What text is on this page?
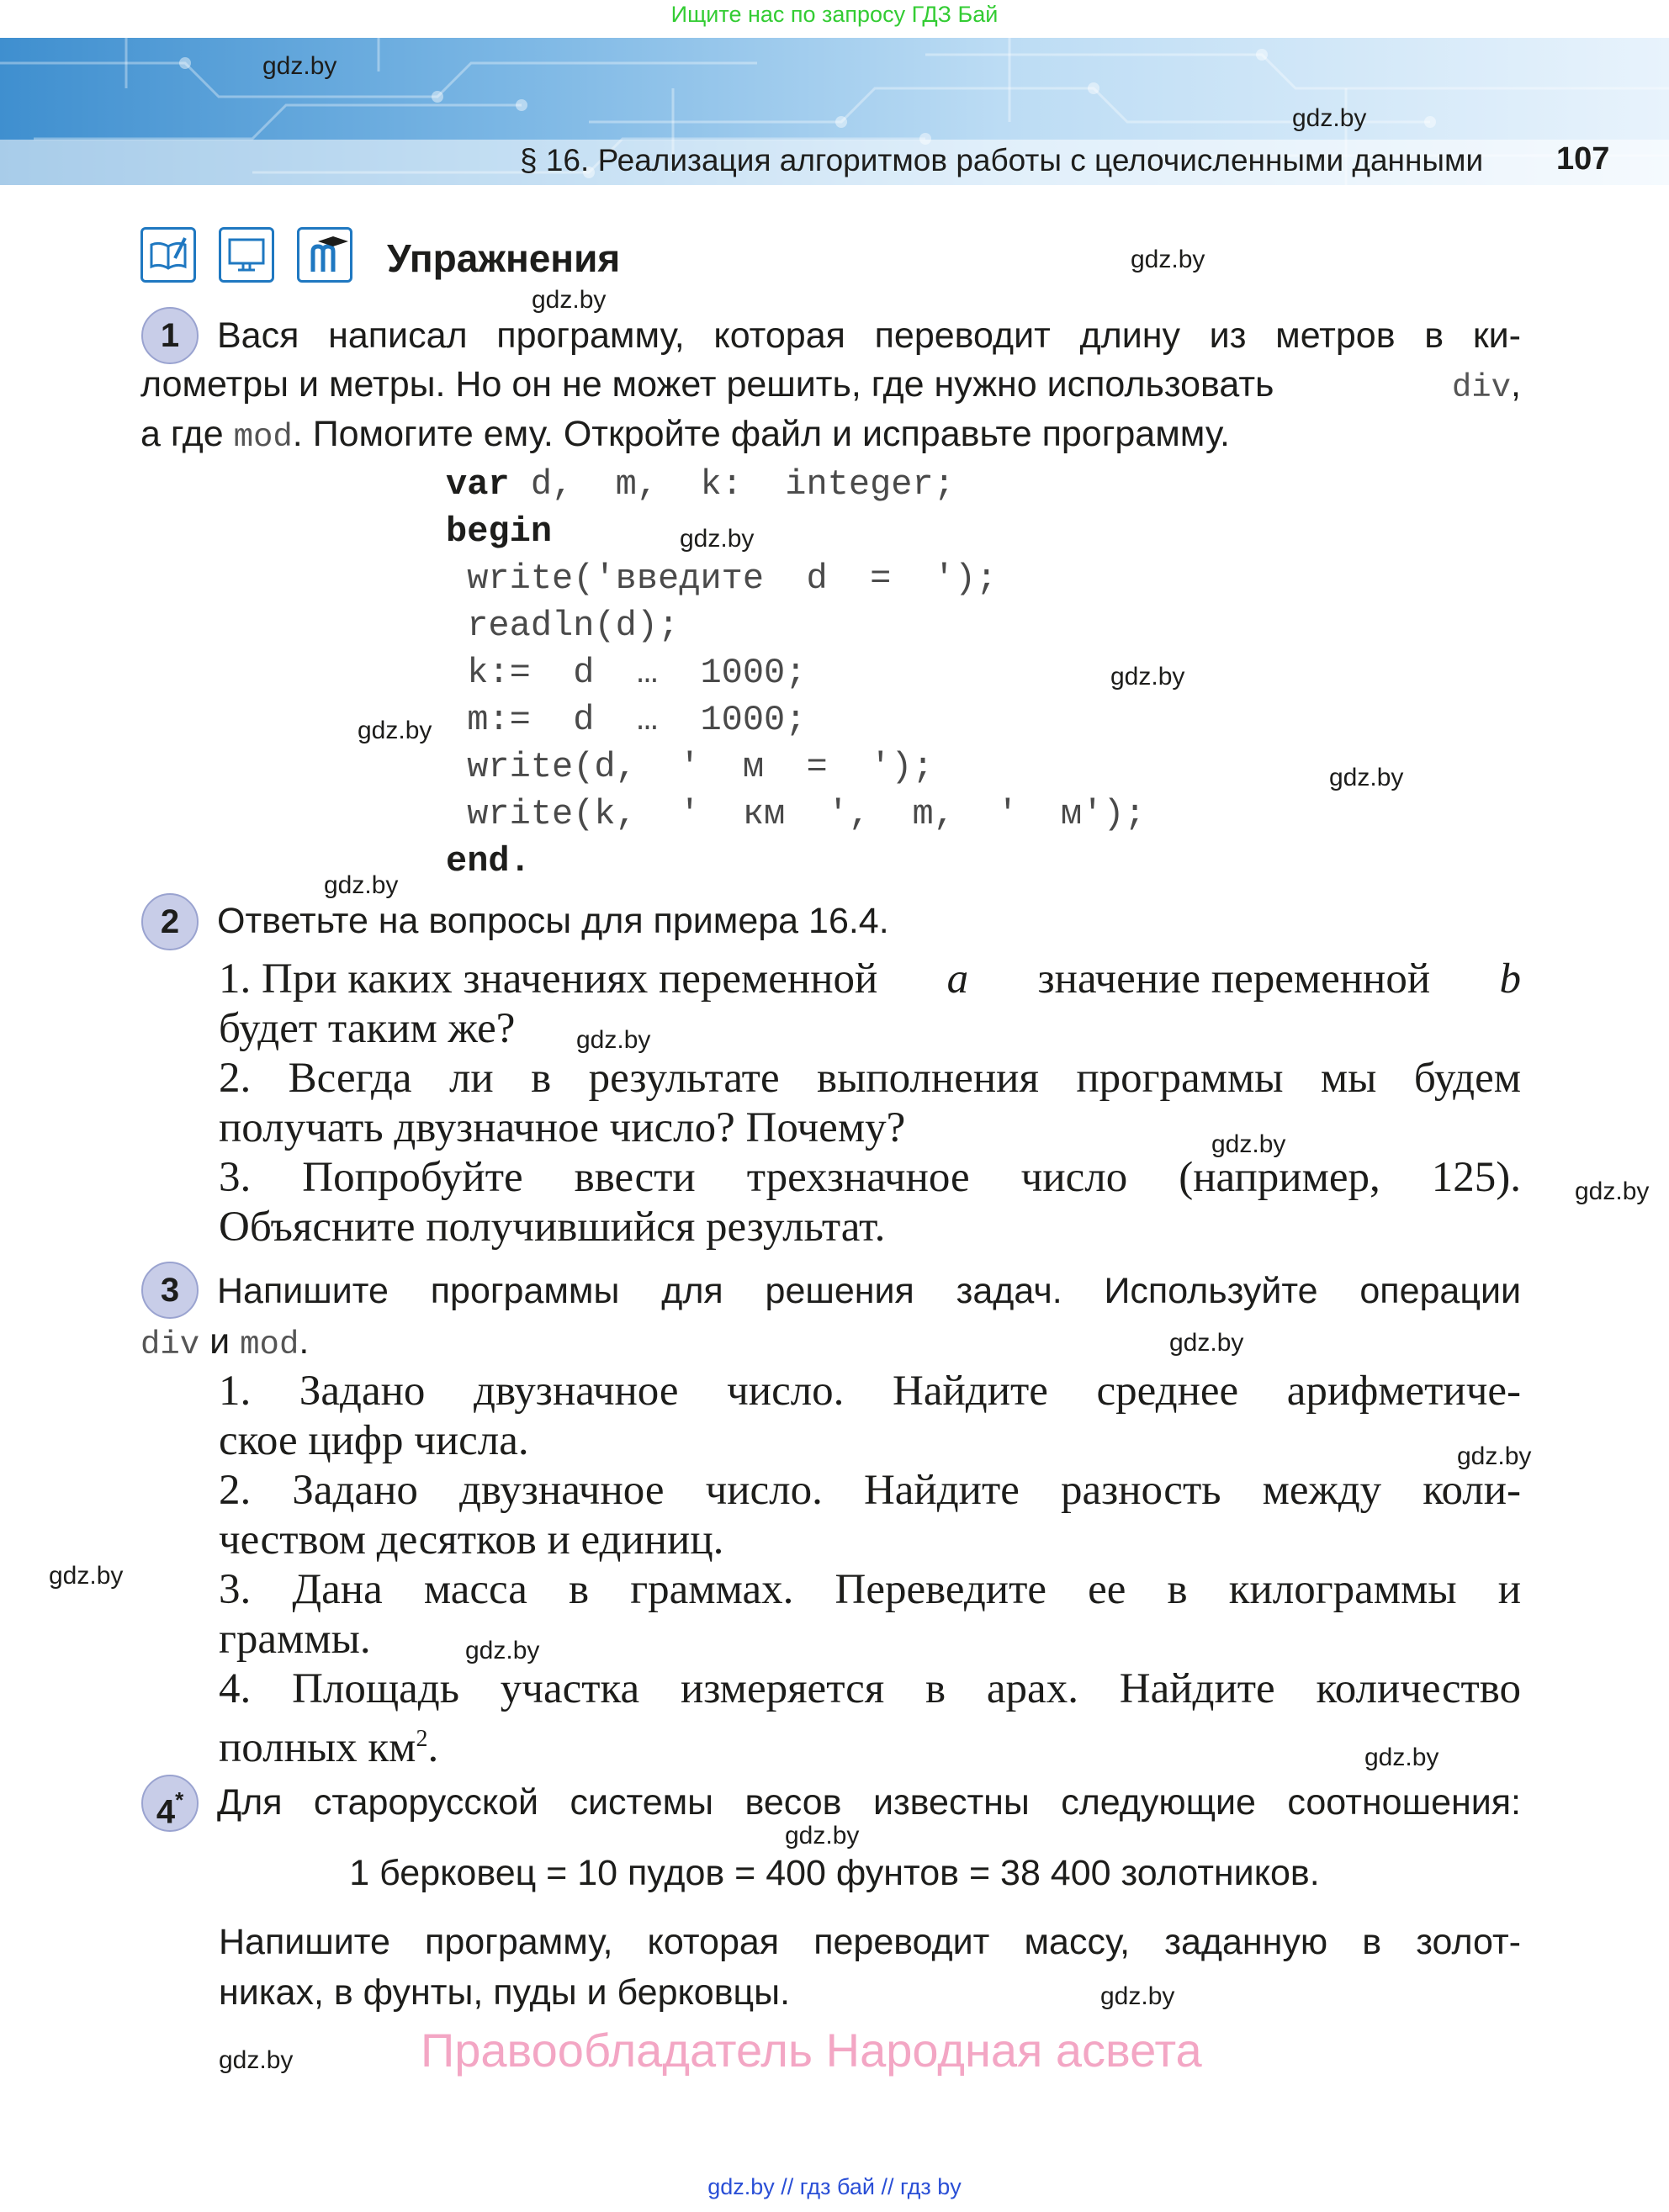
Ищите нас по запросу ГДЗ Бай
§ 16. Реализация алгоритмов работы с целочисленными данными 107
gdz.by
gdz.by
gdz.by
gdz.by
gdz.by
gdz.by
gdz.by
gdz.by
gdz.by
gdz.by
gdz.by
gdz.by
gdz.by
gdz.by
gdz.by
gdz.by
gdz.by
gdz.by
gdz.by
gdz.by
Упражнения
1	Вася написал программу, которая переводит длину из метров в ки-
лометры и метры. Но он не может решить, где нужно использовать	div,
а где mod. Помогите ему. Откройте файл и исправьте программу.
var d,  m,  k:  integer;
begin
write('введите  d  =  ');
readln(d);
k:=  d  …  1000;
m:=  d  …  1000;
write(d,  '  м  =  ');
write(k,  '  км  ',  m,  '  м');
end.
2	Ответьте на вопросы для примера 16.4.
1. При каких значениях переменной a значение переменной b
будет таким же?
2. Всегда ли в результате выполнения программы мы будем
получать двузначное число? Почему?
3. Попробуйте ввести трехзначное число (например, 125).
Объясните получившийся результат.
3	Напишите программы для решения задач. Используйте операции
div и mod.
1. Задано двузначное число. Найдите среднее арифметиче-
ское цифр числа.
2. Задано двузначное число. Найдите разность между коли-
чеством десятков и единиц.
3. Дана масса в граммах. Переведите ее в килограммы и
граммы.
4. Площадь участка измеряется в арах. Найдите количество
полных $км^2$.
4* Для старорусской системы весов известны следующие соотношения:
1 берковец = 10 пудов = 400 фунтов = 38 400 золотников.
Напишите программу, которая переводит массу, заданную в золот-
никах, в фунты, пуды и берковцы.
Правообладатель Народная асвета
gdz.by // гдз бай // гдз by
